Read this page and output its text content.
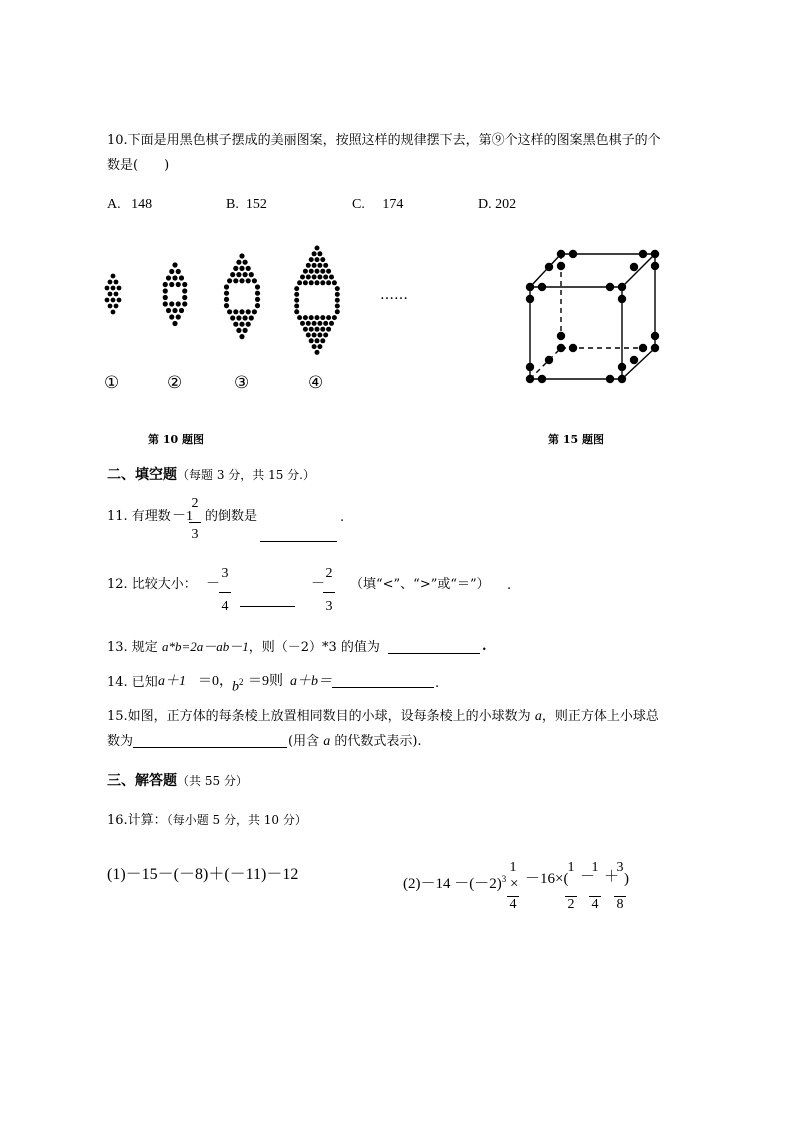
10.下面是用黑色棋子摆成的美丽图案，按照这样的规律摆下去，第⑨个这样的图案黑色棋子的个
数是(　　)
A. 148	B. 152	C. 174	D. 202
①	②	③	④
……
第 10 题图	第 15 题图
二、填空题（每题 3 分，共 15 分.）
11. 有理数 －1
2
3
的倒数是	.
12. 比较大小： －
3
4
－
2
3
（填“<”、“>”或“＝”） .
13. 规定 a*b=2a－ab－1，则（－2）*3 的值为	.
14. 已知 a＋1 ＝0， $b^2 =9$则 a＋b＝	.
15.如图，正方体的每条棱上放置相同数目的小球，设每条棱上的小球数为 a，则正方体上小球总
数为	(用含 a 的代数式表示).
三、解答题（共 55 分）
16.计算：（每小题 5 分，共 10 分）
(1)－15－(－8)＋(－11)－12
$(2)-14 -(-2)^3$ ×
1
4
－16×(
1
2
－
1
4
＋
3
8
)
